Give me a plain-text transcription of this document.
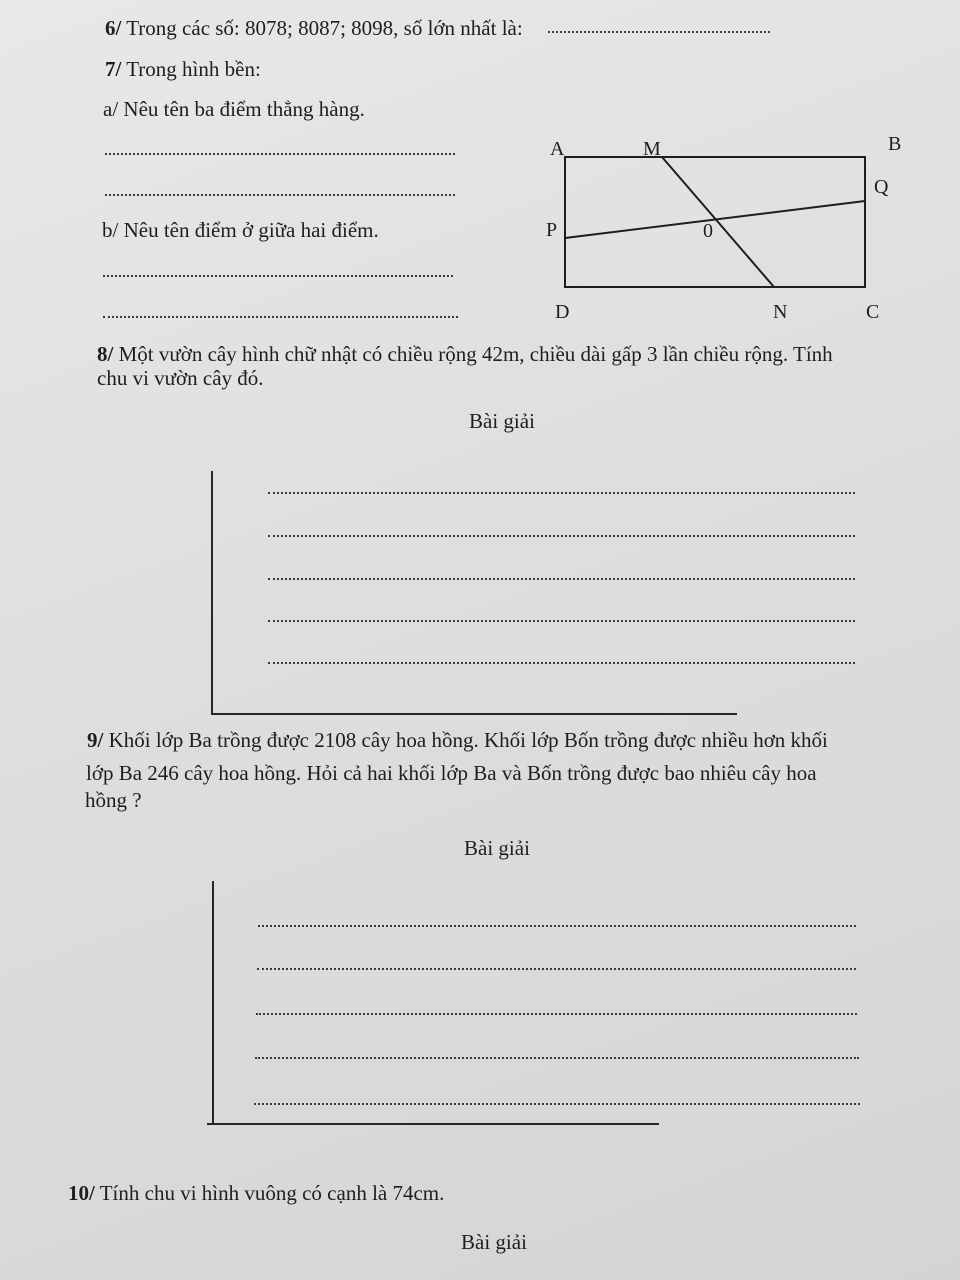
6/ Trong các số: 8078; 8087; 8098, số lớn nhất là:
7/ Trong hình bền:
a/ Nêu tên ba điểm thẳng hàng.
b/ Nêu tên điểm ở giữa hai điểm.
A	M	B
Q
P	0
D	N	C
8/ Một vườn cây hình chữ nhật có chiều rộng 42m, chiều dài gấp 3 lần chiều rộng. Tính
chu vi vườn cây đó.
Bài giải
9/ Khối lớp Ba trồng được 2108 cây hoa hồng. Khối lớp Bốn trồng được nhiều hơn khối
lớp Ba 246 cây hoa hồng. Hỏi cả hai khối lớp Ba và Bốn trồng được bao nhiêu cây hoa
hồng ?
Bài giải
10/ Tính chu vi hình vuông có cạnh là 74cm.
Bài giải
